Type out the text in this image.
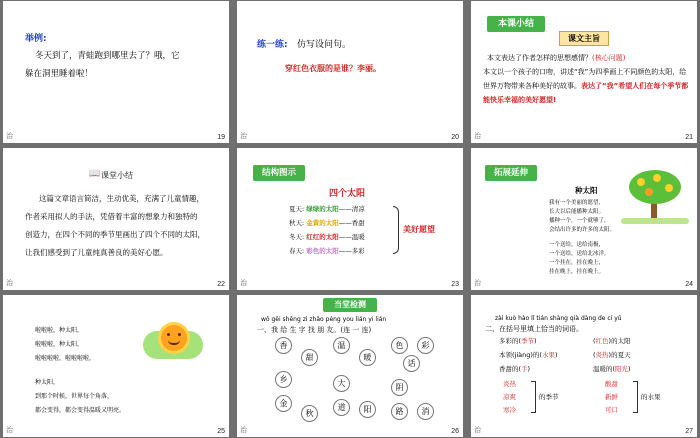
举例:
冬天到了，青蛙跑到哪里去了？哦，它
躲在洞里睡着啦！
治	19
练一练: 仿写设问句。
穿红色衣服的是谁？李丽。
治	20
本课小结
课文主旨
本文表达了作者怎样的思想感情？(核心问题)
本文以一个孩子的口吻，讲述“我”为四季画上不同颜色的太阳，给世界万物带来各种美好的故事。表达了“我”希望人们在每个季节都能快乐幸福的美好愿望!
治	21
📖 课堂小结
这篇文章语言简洁，生动优美，充满了儿童情趣，
作者采用拟人的手法，凭借着丰富的想象力和独特的
创造力，在四个不同的季节里画出了四个不同的太阳，
让我们感受到了儿童纯真善良的美好心愿。
治	22
结构图示
四个太阳
夏天: 绿绿的太阳——清凉
秋天: 金黄的太阳——香甜
冬天: 红红的太阳——温暖
春天: 彩色的太阳——多彩
美好愿望
治	23
拓展延伸
种太阳
我有一个美丽的愿望，
长大以后能播种太阳。
播种一个，一个就够了，
会结出许多的许多的太阳。
一个送给，送给南极，
一个送给，送给北冰洋。
一个挂在，挂在晚上，
挂在晚上，挂在晚上。
治	24
啦啦啦，种太阳，
啦啦啦，种太阳，
啦啦啦啦，啦啦啦啦，
种太阳，
到那个时候，世界每个角落，
都会变得，都会变得温暖又明亮。
治	25
当堂检测
wǒ gěi shēng zì zhǎo péng you lián yi lián
一、我 给 生 字 找 朋 友。(连 一 连)
香	温	色	彩
甜	暖
话
乡
金
大
阳
阴
消
秋
道	路
治	26
zài kuò hào lǐ tián shàng qià dàng de cí yǔ
二、在括号里填上恰当的词语。
多彩的(季节)	(红色)的太阳
本领(jiàng)的(水果)	(炎热)的夏天
香甜的(手)	温暖的(阳光)
炎热
凉爽
寒冷
的季节
酸甜
新鲜
可口
的水果
治	27
